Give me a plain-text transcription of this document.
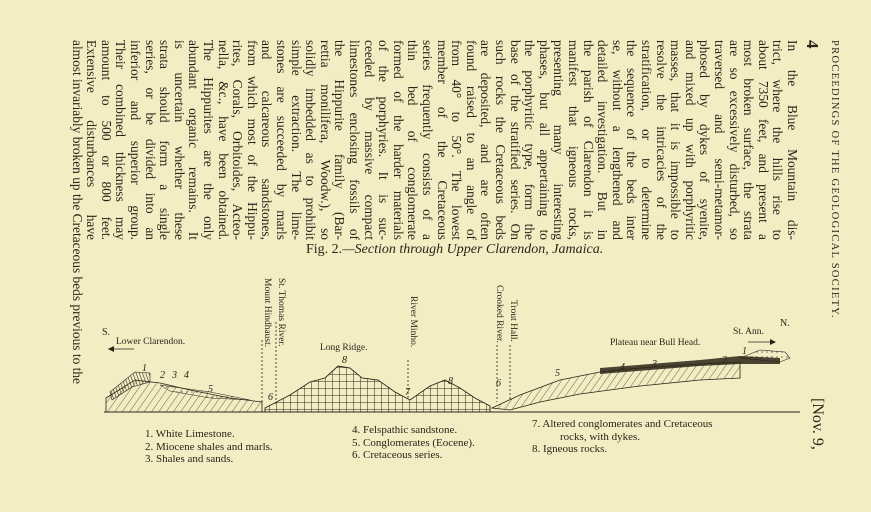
4 PROCEEDINGS OF THE GEOLOGICAL SOCIETY.
[Nov. 9,
In the Blue Mountain dis-
trict, where the hills rise to
about 7350 feet, and present a
most broken surface, the strata
are so excessively disturbed, so
traversed and semi-metamor-
phosed by dykes of syenite,
and mixed up with porphyritic
masses, that it is impossible to
resolve the intricacies of the
stratification, or to determine
the sequence of the beds inter
se, without a lengthened and
detailed investigation. But in
the parish of Clarendon it is
manifest that igneous rocks,
presenting many interesting
phases, but all appertaining to
the porphyritic type, form the
base of the stratified series. On
such rocks the Cretaceous beds
are deposited, and are often
found raised to an angle of
from 40° to 50°. The lowest
member of the Cretaceous
series frequently consists of a
thin bed of conglomerate
formed of the harder materials
of the porphyries. It is suc-
ceeded by massive compact
limestones enclosing fossils of
the Hippurite family (Bar-
rettia monilifera, Woodw.), so
solidly imbedded as to prohibit
simple extraction. The lime-
stones are succeeded by marls
and calcareous sandstones,
from which most of the Hippu-
rites, Corals, Orbitoides, Acteo-
nella, &c., have been obtained.
The Hippurites are the only
abundant organic remains. It
is uncertain whether these
strata should form a single
series, or be divided into an
inferior and superior group.
Their combined thickness may
amount to 500 or 800 feet.
Extensive disturbances have
almost invariably broken up the Cretaceous beds previous to the	Fig. 2.—Section through Upper Clarendon, Jamaica.
S.
N.
Lower Clarendon.
Long Ridge.	Plateau near Bull Head.
St. Ann.
St. Thomas River.
Mount Hindhaust.	River Minho.	Crooked River. Trout Hall.
1
2 3 4
5
6
8
7
8	6
5
4	3	2
1
1. White Limestone.
2. Miocene shales and marls.
3. Shales and sands.
4. Felspathic sandstone.
5. Conglomerates (Eocene).
6. Cretaceous series.
7. Altered conglomerates and Cretaceous
rocks, with dykes.
8. Igneous rocks.
